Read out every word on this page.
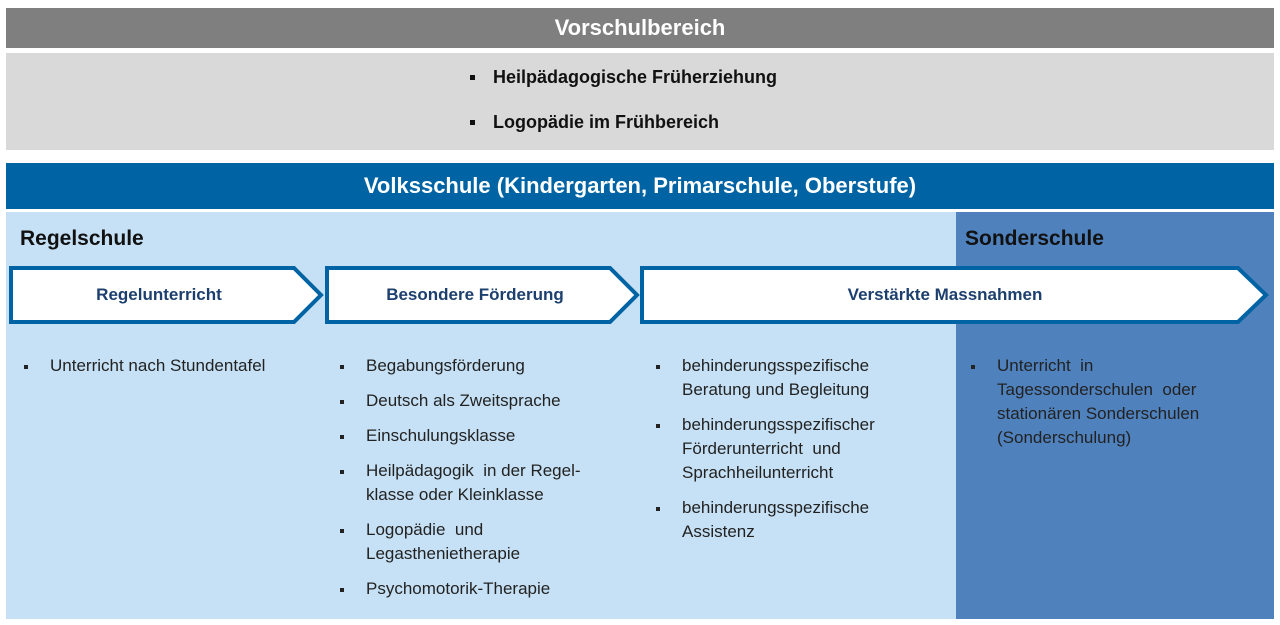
Vorschulbereich
Heilpädagogische Früherziehung
Logopädie im Frühbereich
Volksschule (Kindergarten, Primarschule, Oberstufe)
Regelschule	Sonderschule
Regelunterricht	Besondere Förderung	Verstärkte Massnahmen
Unterricht nach Stundentafel	Begabungsförderung
Deutsch als Zweitsprache
Einschulungsklasse
Heilpädagogik  in der Regel-
klasse oder Kleinklasse
Logopädie  und
Legastheniethera​pie
Psychomotorik-Therapie
behinderungsspezifische
Beratung und Begleitung
behinderungsspezifischer
Förderunterricht  und
Sprachheilunterricht
behinderungsspezifische
Assistenz
Unterricht  in
Tagessonderschulen  oder
stationären Sonderschulen
(Sonderschulung)
